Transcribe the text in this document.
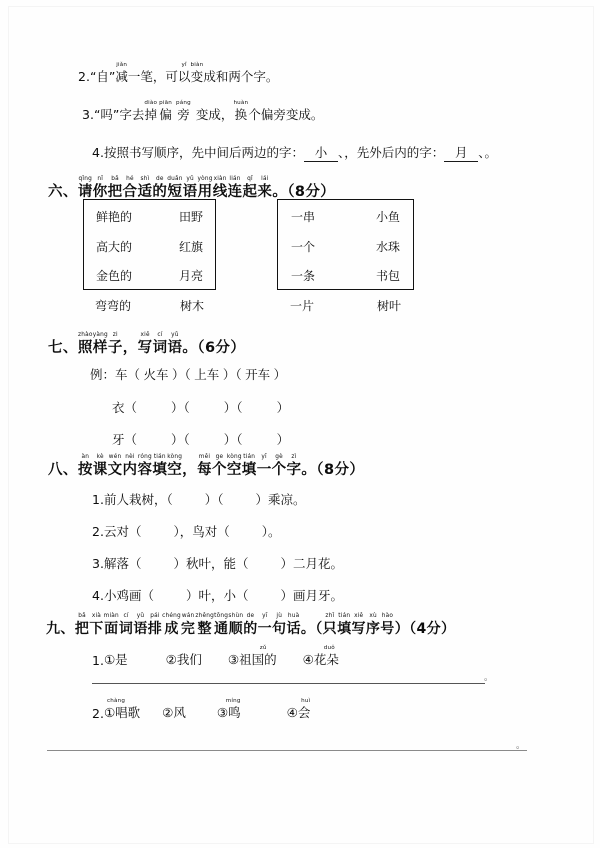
2. “自”
jiǎn
减 一笔，可
yǐ
以
biàn
变 成和两个字。
3. “吗”字去
diào
掉
piān
偏
páng
旁 变成，
huàn
换 个偏旁变成。
4.按照书写顺序，先中间后两边的字： 小 、，先外后内的字： 月 、。
六、
qǐng
请
nǐ
你
bǎ
把
hé
合
shì
适
de
的
duǎn
短
yǔ
语
yòng
用
xiàn
线
lián
连
qǐ
起
lái
来 。（8分）
鲜艳的	田野
高大的	红旗
金色的	月亮
弯弯的	树木
一串	小鱼
一个	水珠
一条	书包
一片	树叶
七、
zhào
照
yàng
样
zi
子 ，
xiě
写
cí
词
yǔ
语 。（6分）
例：车（ 火车 ）（ 上车 ）（ 开车 ）
衣（	）（	）（	）
牙（	）（	）（	）
八、
àn
按
kè
课
wén
文
nèi
内
róng
容
tián
填
kòng
空 ，
měi
每
ge
个
kòng
空
tián
填
yī
一
gè
个
zì
字 。（8分）
1.前人栽树，（	）（	）乘凉。
2.云对（	），鸟对（	）。
3.解落（	）秋叶，能（	）二月花。
4.小鸡画（	）叶，小（	）画月牙。
九、
bǎ
把
xià
下
miàn
面
cí
词
yǔ
语
pái
排
chéng
成
wán
完
zhěng
整
tōng
通
shùn
顺
de
的
yī
一
jù
句
huà
话 。（
zhǐ
只
tián
填
xiě
写
xù
序
hào
号 ）（4分）
1. ①是	②我们
zǔ
③祖国的
duǒ
④花朵
。
2.
chàng
①唱歌 ②风
míng
③鸣
huì
④会
。
